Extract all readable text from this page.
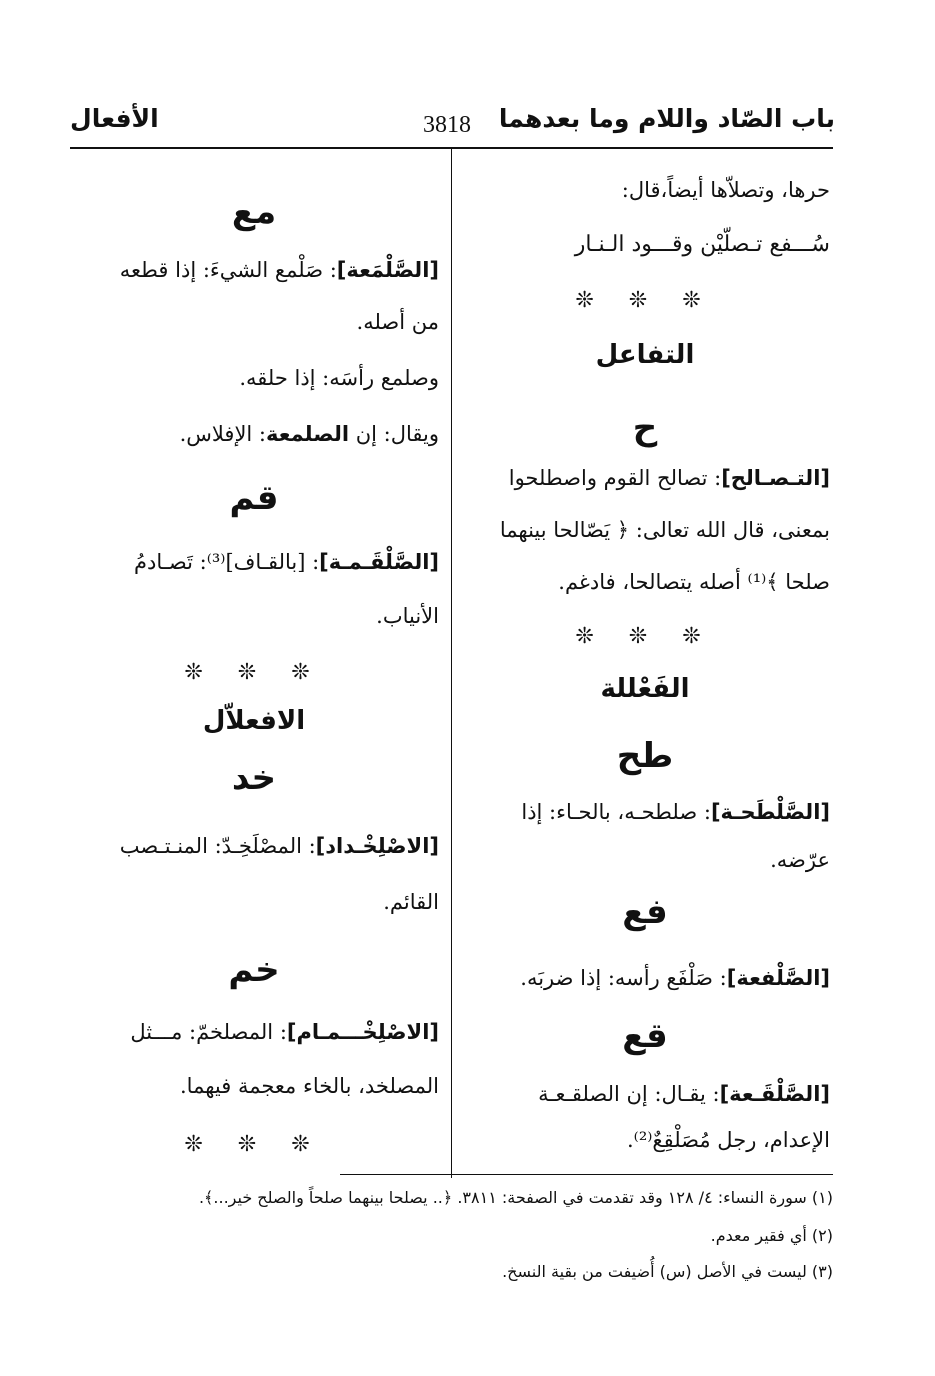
باب الصّاد واللام وما بعدهما
3818
الأفعال
حرها، وتصلاّها أيضاً،قال:
سُـــفع تـصلّيْن وقـــود الـنـار
❊ ❊ ❊
التفاعل
ح
[التـصـالح]: تصالح القوم واصطلحوا
بمعنى، قال الله تعالى: ﴿ يَصّالحا بينهما
صلحا ﴾⁽¹⁾ أصله يتصالحا، فادغم.
❊ ❊ ❊
الفَعْللة
طح
[الصَّلْطَحـة]: صلطحـه، بالحـاء: إذا
عرّضه.
فع
[الصَّلْفعة]: صَلْفَع رأسه: إذا ضربَه.
قع
[الصَّلْقَـعة]: يقـال: إن الصلقـعـة
الإعدام، رجل مُصَلْقِعٌ⁽²⁾.
مع
[الصَّلْمَعة]: صَلْمع الشيءَ: إذا قطعه
من أصله.
وصلمع رأسَه: إذا حلقه.
ويقال: إن الصلمعة: الإفلاس.
قم
[الصَّلْقَـمـة]: [بالقـاف]⁽³⁾: تَصـادمُ
الأنياب.
❊ ❊ ❊
الافعلاّل
خد
[الاصْلِخْـداد]: المصْلَخِـدّ: المنـتـصب
القائم.
خم
[الاصْلِخْـــمـام]: المصلخمّ: مـــثل
المصلخد، بالخاء معجمة فيهما.
❊ ❊ ❊
(١) سورة النساء: ٤/ ١٢٨ وقد تقدمت في الصفحة: ٣٨١١. ﴿.. يصلحا بينهما صلحاً والصلح خير...﴾.
(٢) أي فقير معدم.
(٣) ليست في الأصل (س) أُضيفت من بقية النسخ.
